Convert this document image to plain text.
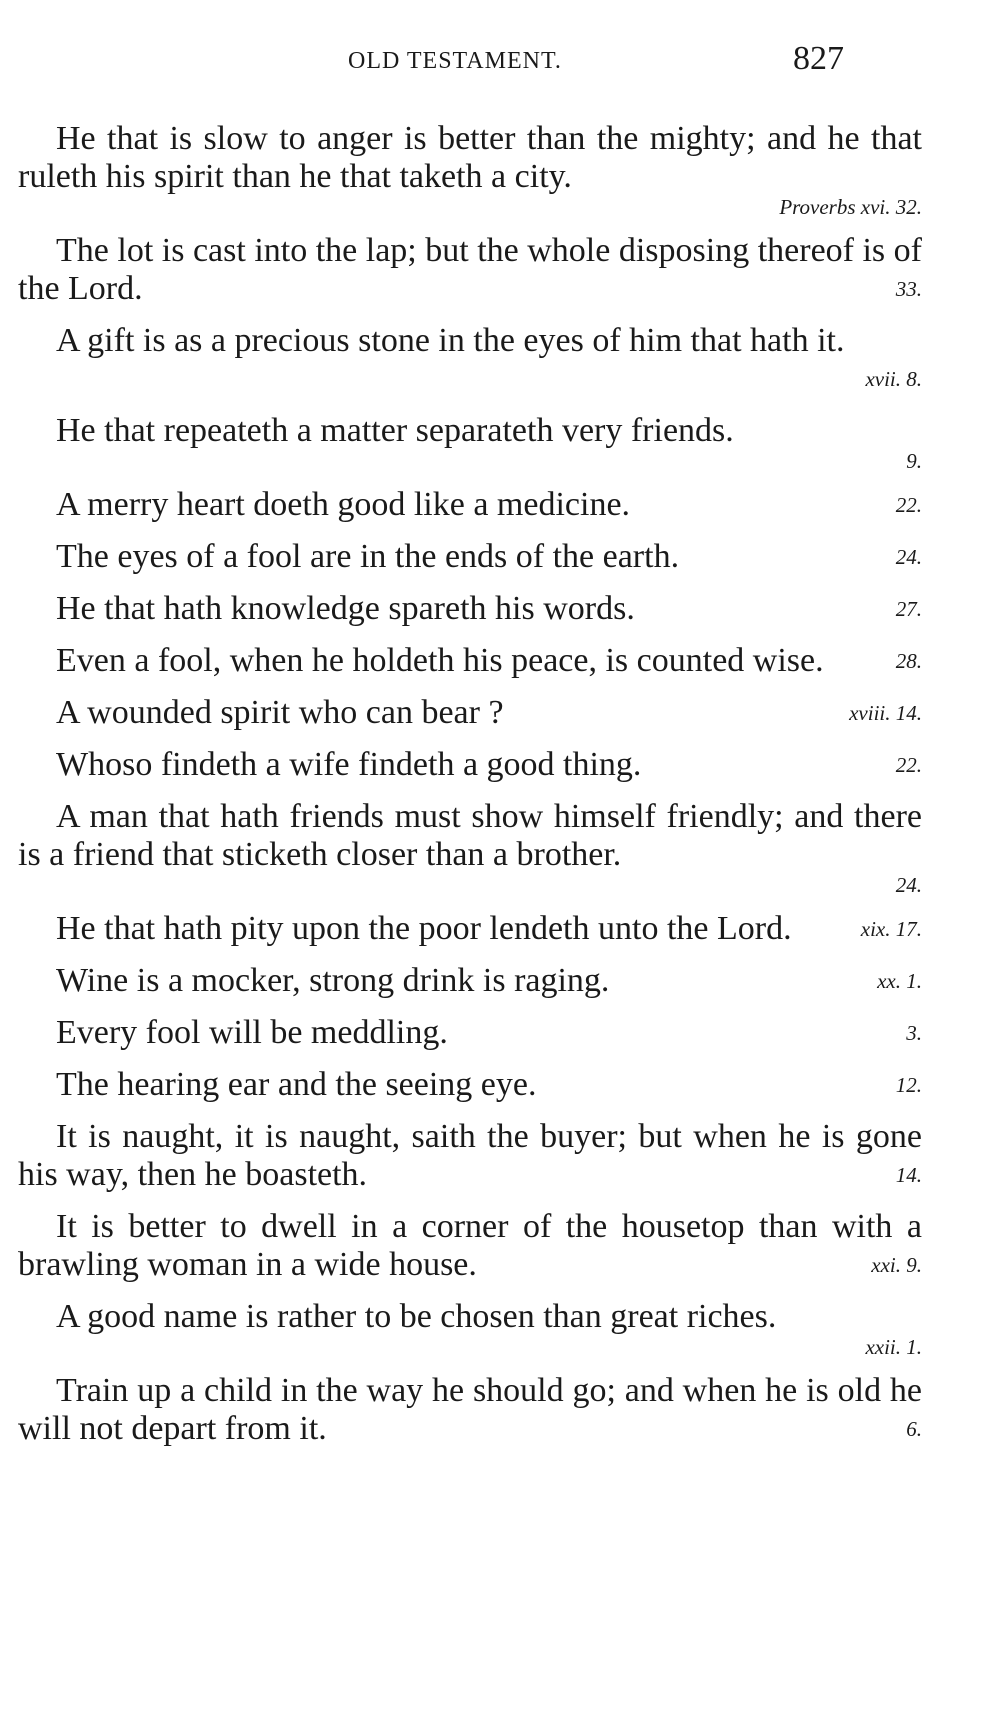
OLD TESTAMENT.	827

He that is slow to anger is better than the mighty; and he that ruleth his spirit than he that taketh a city.

Proverbs xvi. 32.

The lot is cast into the lap; but the whole disposing thereof is of the Lord.	33.

A gift is as a precious stone in the eyes of him that hath it.
xvii. 8.

He that repeateth a matter separateth very friends.

9.

A merry heart doeth good like a medicine.	22.

The eyes of a fool are in the ends of the earth.	24.

He that hath knowledge spareth his words.	27.

Even a fool, when he holdeth his peace, is counted wise.	28.

A wounded spirit who can bear ?	xviii. 14.

Whoso findeth a wife findeth a good thing.	22.

A man that hath friends must show himself friendly; and there is a friend that sticketh closer than a brother.

24.

He that hath pity upon the poor lendeth unto the Lord.	xix. 17.

Wine is a mocker, strong drink is raging.	xx. 1.

Every fool will be meddling.	3.

The hearing ear and the seeing eye.	12.

It is naught, it is naught, saith the buyer; but when he is gone his way, then he boasteth.	14.

It is better to dwell in a corner of the housetop than with a brawling woman in a wide house.	xxi. 9.

A good name is rather to be chosen than great riches.

xxii. 1.

Train up a child in the way he should go; and when he is old he will not depart from it.	6.
